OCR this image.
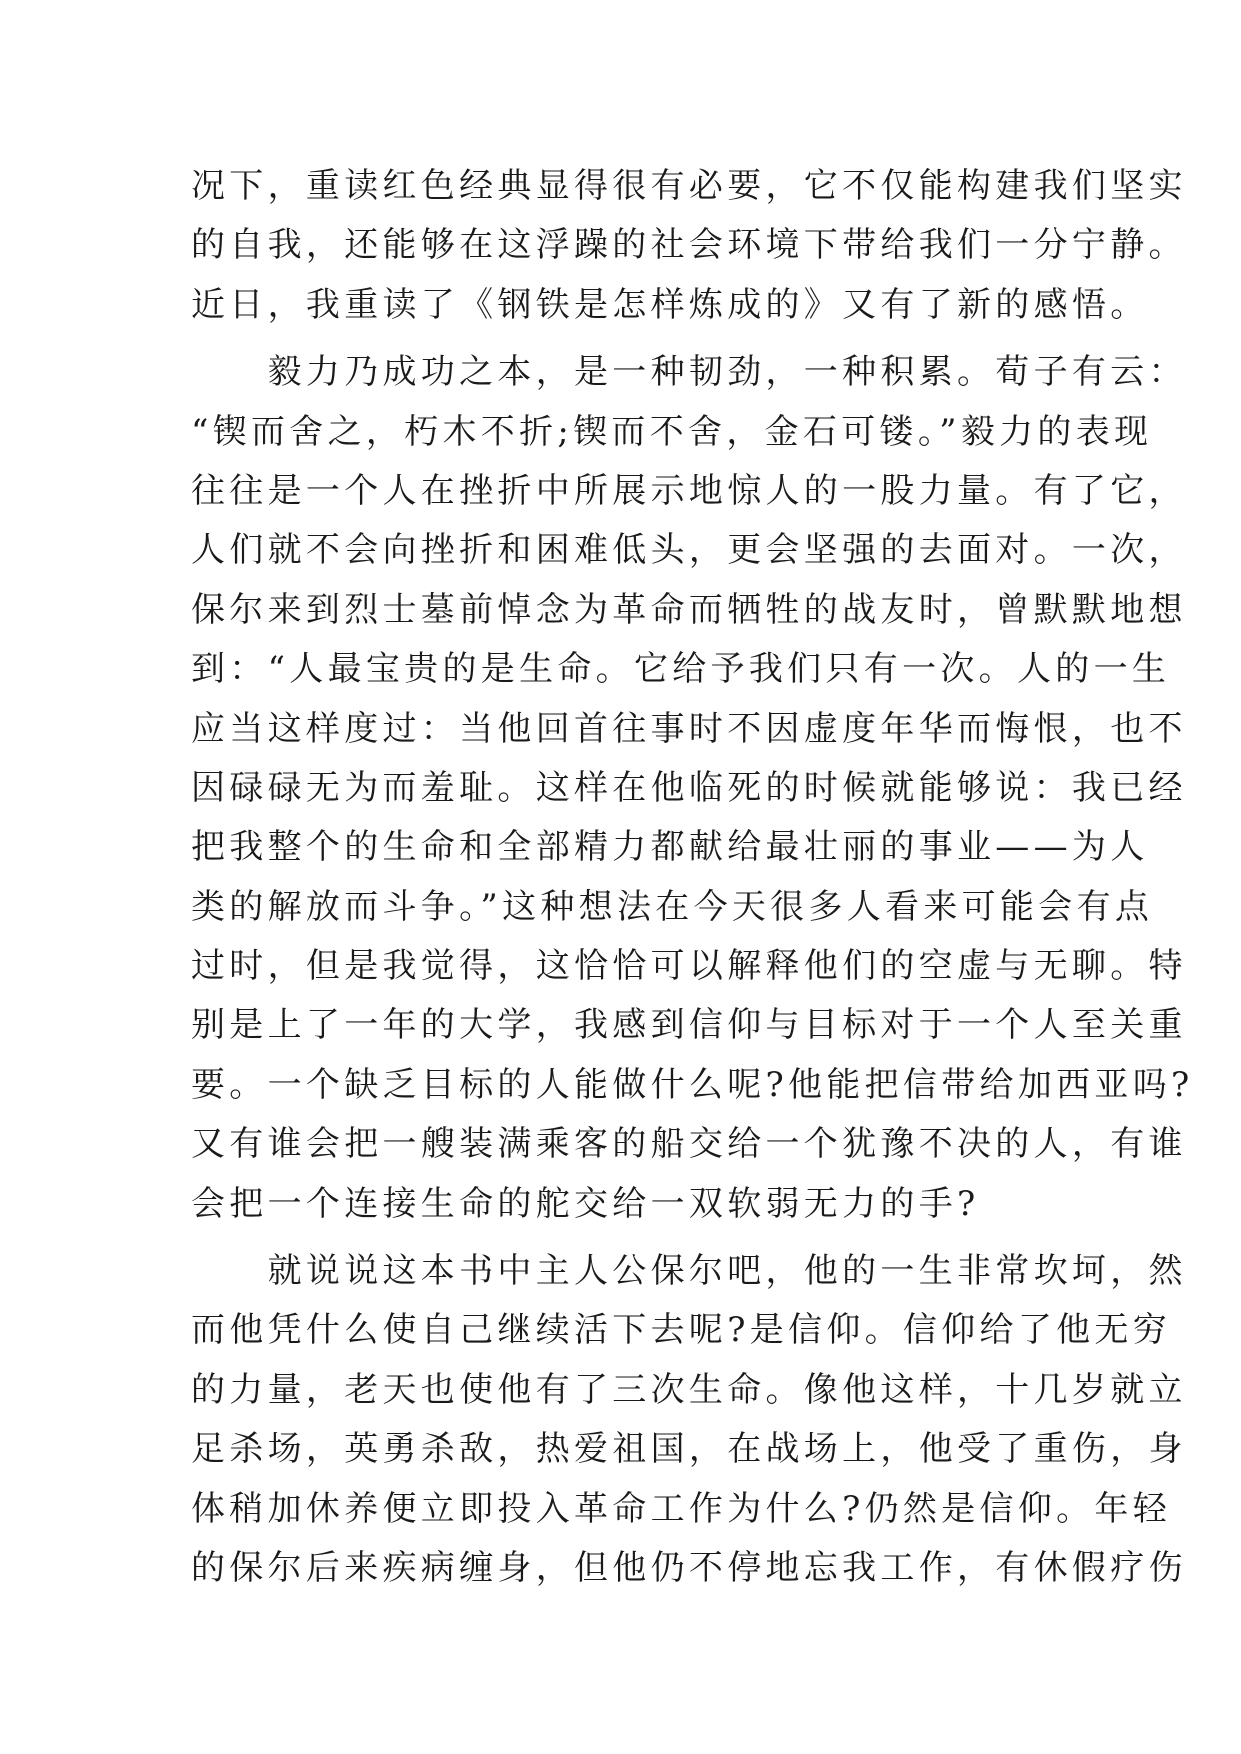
况下，重读红色经典显得很有必要，它不仅能构建我们坚实
的自我，还能够在这浮躁的社会环境下带给我们一分宁静。
近日，我重读了《钢铁是怎样炼成的》又有了新的感悟。
　　毅力乃成功之本，是一种韧劲，一种积累。荀子有云：
“锲而舍之，朽木不折;锲而不舍，金石可镂。”毅力的表现
往往是一个人在挫折中所展示地惊人的一股力量。有了它，
人们就不会向挫折和困难低头，更会坚强的去面对。一次，
保尔来到烈士墓前悼念为革命而牺牲的战友时，曾默默地想
到：“人最宝贵的是生命。它给予我们只有一次。人的一生
应当这样度过：当他回首往事时不因虚度年华而悔恨，也不
因碌碌无为而羞耻。这样在他临死的时候就能够说：我已经
把我整个的生命和全部精力都献给最壮丽的事业——为人
类的解放而斗争。”这种想法在今天很多人看来可能会有点
过时，但是我觉得，这恰恰可以解释他们的空虚与无聊。特
别是上了一年的大学，我感到信仰与目标对于一个人至关重
要。一个缺乏目标的人能做什么呢?他能把信带给加西亚吗?
又有谁会把一艘装满乘客的船交给一个犹豫不决的人，有谁
会把一个连接生命的舵交给一双软弱无力的手?
　　就说说这本书中主人公保尔吧，他的一生非常坎坷，然
而他凭什么使自己继续活下去呢?是信仰。信仰给了他无穷
的力量，老天也使他有了三次生命。像他这样，十几岁就立
足杀场，英勇杀敌，热爱祖国，在战场上，他受了重伤，身
体稍加休养便立即投入革命工作为什么?仍然是信仰。年轻
的保尔后来疾病缠身，但他仍不停地忘我工作，有休假疗伤
